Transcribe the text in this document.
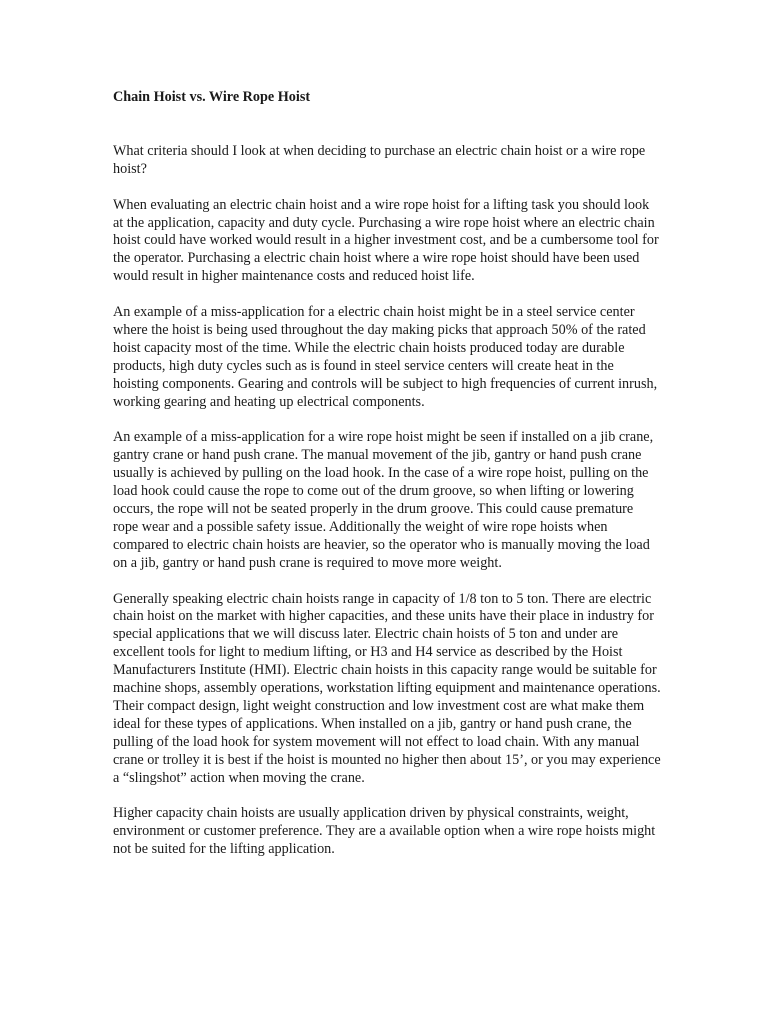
Chain Hoist vs. Wire Rope Hoist

What criteria should I look at when deciding to purchase an electric chain hoist or a wire rope hoist?

When evaluating an electric chain hoist and a wire rope hoist for a lifting task you should look at the application, capacity and duty cycle. Purchasing a wire rope hoist where an electric chain hoist could have worked would result in a higher investment cost, and be a cumbersome tool for the operator. Purchasing a electric chain hoist where a wire rope hoist should have been used would result in higher maintenance costs and reduced hoist life.

An example of a miss-application for a electric chain hoist might be in a steel service center where the hoist is being used throughout the day making picks that approach 50% of the rated hoist capacity most of the time. While the electric chain hoists produced today are durable products, high duty cycles such as is found in steel service centers will create heat in the hoisting components. Gearing and controls will be subject to high frequencies of current inrush, working gearing and heating up electrical components.

An example of a miss-application for a wire rope hoist might be seen if installed on a jib crane, gantry crane or hand push crane. The manual movement of the jib, gantry or hand push crane usually is achieved by pulling on the load hook. In the case of a wire rope hoist, pulling on the load hook could cause the rope to come out of the drum groove, so when lifting or lowering occurs, the rope will not be seated properly in the drum groove. This could cause premature rope wear and a possible safety issue. Additionally the weight of wire rope hoists when compared to electric chain hoists are heavier, so the operator who is manually moving the load on a jib, gantry or hand push crane is required to move more weight.

Generally speaking electric chain hoists range in capacity of 1/8 ton to 5 ton. There are electric chain hoist on the market with higher capacities, and these units have their place in industry for special applications that we will discuss later. Electric chain hoists of 5 ton and under are excellent tools for light to medium lifting, or H3 and H4 service as described by the Hoist Manufacturers Institute (HMI). Electric chain hoists in this capacity range would be suitable for machine shops, assembly operations, workstation lifting equipment and maintenance operations. Their compact design, light weight construction and low investment cost are what make them ideal for these types of applications. When installed on a jib, gantry or hand push crane, the pulling of the load hook for system movement will not effect to load chain. With any manual crane or trolley it is best if the hoist is mounted no higher then about 15’, or you may experience a “slingshot” action when moving the crane.

Higher capacity chain hoists are usually application driven by physical constraints, weight, environment or customer preference. They are a available option when a wire rope hoists might not be suited for the lifting application.
